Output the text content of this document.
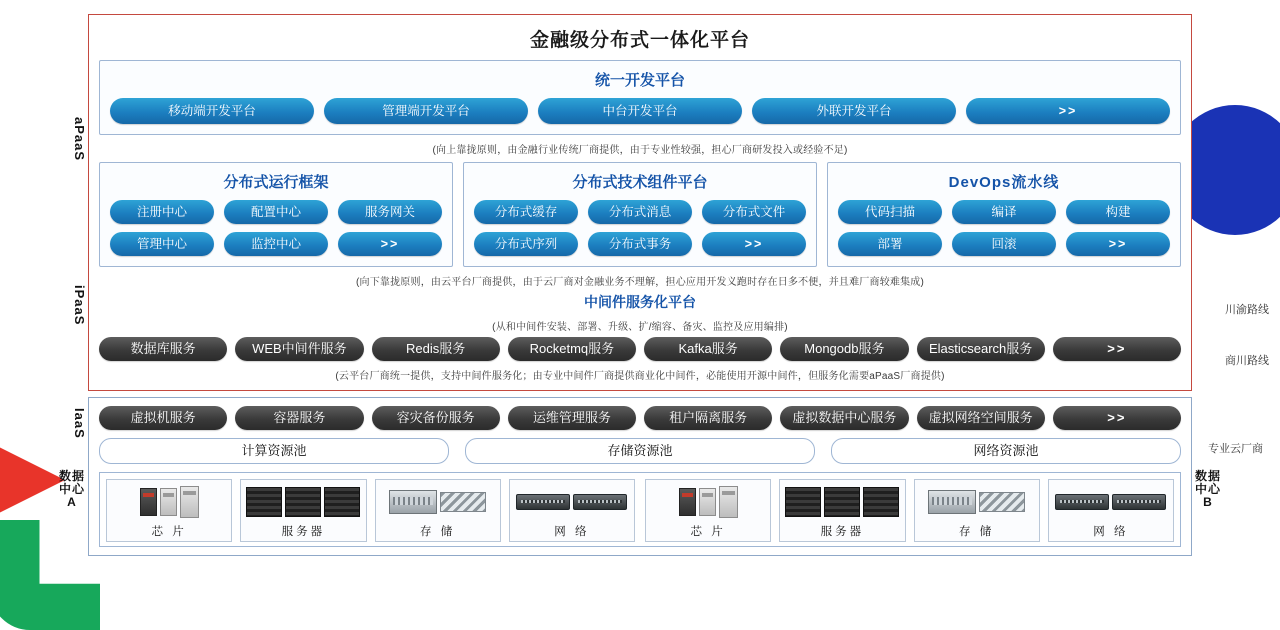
aPaaS
iPaaS
金融级分布式一体化平台
统一开发平台
移动端开发平台	管理端开发平台	中台开发平台	外联开发平台	>>
(向上靠拢原则，由金融行业传统厂商提供，由于专业性较强，担心厂商研发投入或经验不足)
分布式运行框架
注册中心	配置中心	服务网关
管理中心	监控中心	>>
分布式技术组件平台
分布式缓存	分布式消息	分布式文件
分布式序列	分布式事务	>>
DevOps流水线
代码扫描	编译	构建
部署	回滚	>>
(向下靠拢原则，由云平台厂商提供，由于云厂商对金融业务不理解，担心应用开发义跑时存在日多不便，并且难厂商较难集成)
中间件服务化平台
(从和中间件安装、部署、升级、扩/缩容、备灾、监控及应用编排)
川渝路线
商川路线
数据库服务	WEB中间件服务	Redis服务	Rocketmq服务	Kafka服务	Mongodb服务	Elasticsearch服务	>>
(云平台厂商统一提供，支持中间件服务化；由专业中间件厂商提供商业化中间件，必能使用开源中间件，但服务化需要aPaaS厂商提供)
IaaS
数据中心A
数据中心B
专业云厂商
虚拟机服务	容器服务	容灾备份服务	运维管理服务	租户隔离服务	虚拟数据中心服务	虚拟网络空间服务	>>
计算资源池	存储资源池	网络资源池
芯 片	服务器	存 储	网 络	芯 片	服务器	存 储	网 络
